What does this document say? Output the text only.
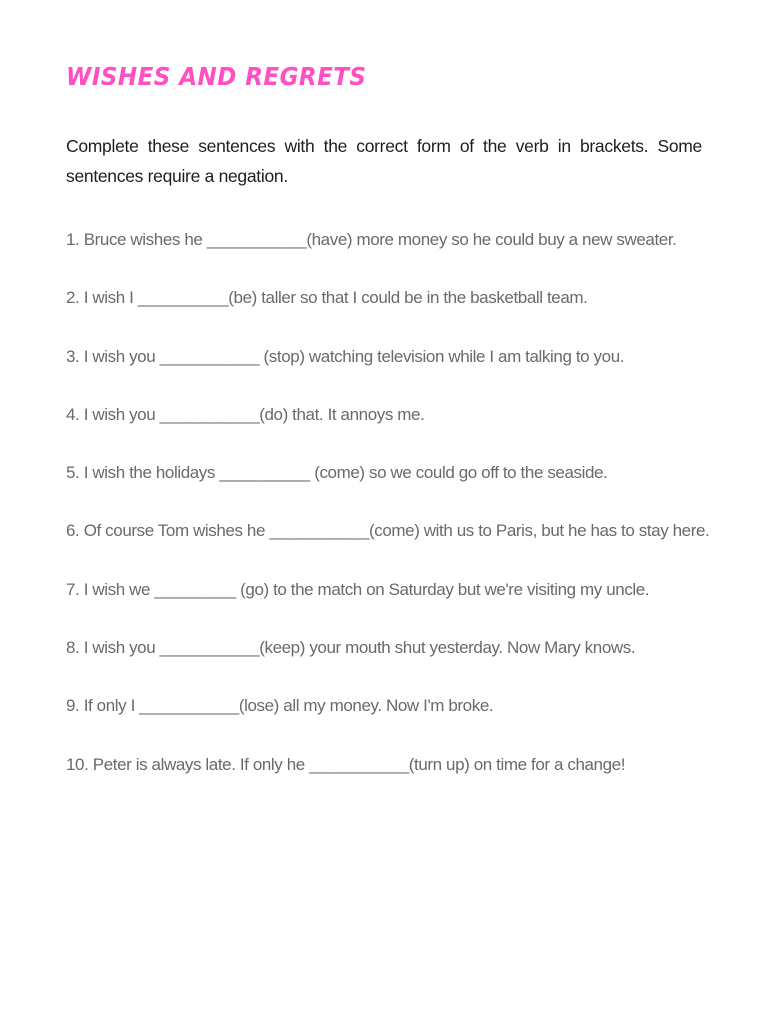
WISHES AND REGRETS

Complete these sentences with the correct form of the verb in brackets. Some sentences require a negation.

1. Bruce wishes he ___________(have) more money so he could buy a new sweater.
2. I wish I __________(be) taller so that I could be in the basketball team.
3. I wish you ___________ (stop) watching television while I am talking to you.
4. I wish you ___________(do) that. It annoys me.
5. I wish the holidays __________ (come) so we could go off to the seaside.
6. Of course Tom wishes he ___________(come) with us to Paris, but he has to stay here.
7. I wish we _________ (go) to the match on Saturday but we're visiting my uncle.
8. I wish you ___________(keep) your mouth shut yesterday. Now Mary knows.
9. If only I ___________(lose) all my money. Now I'm broke.
10. Peter is always late. If only he ___________(turn up) on time for a change!
